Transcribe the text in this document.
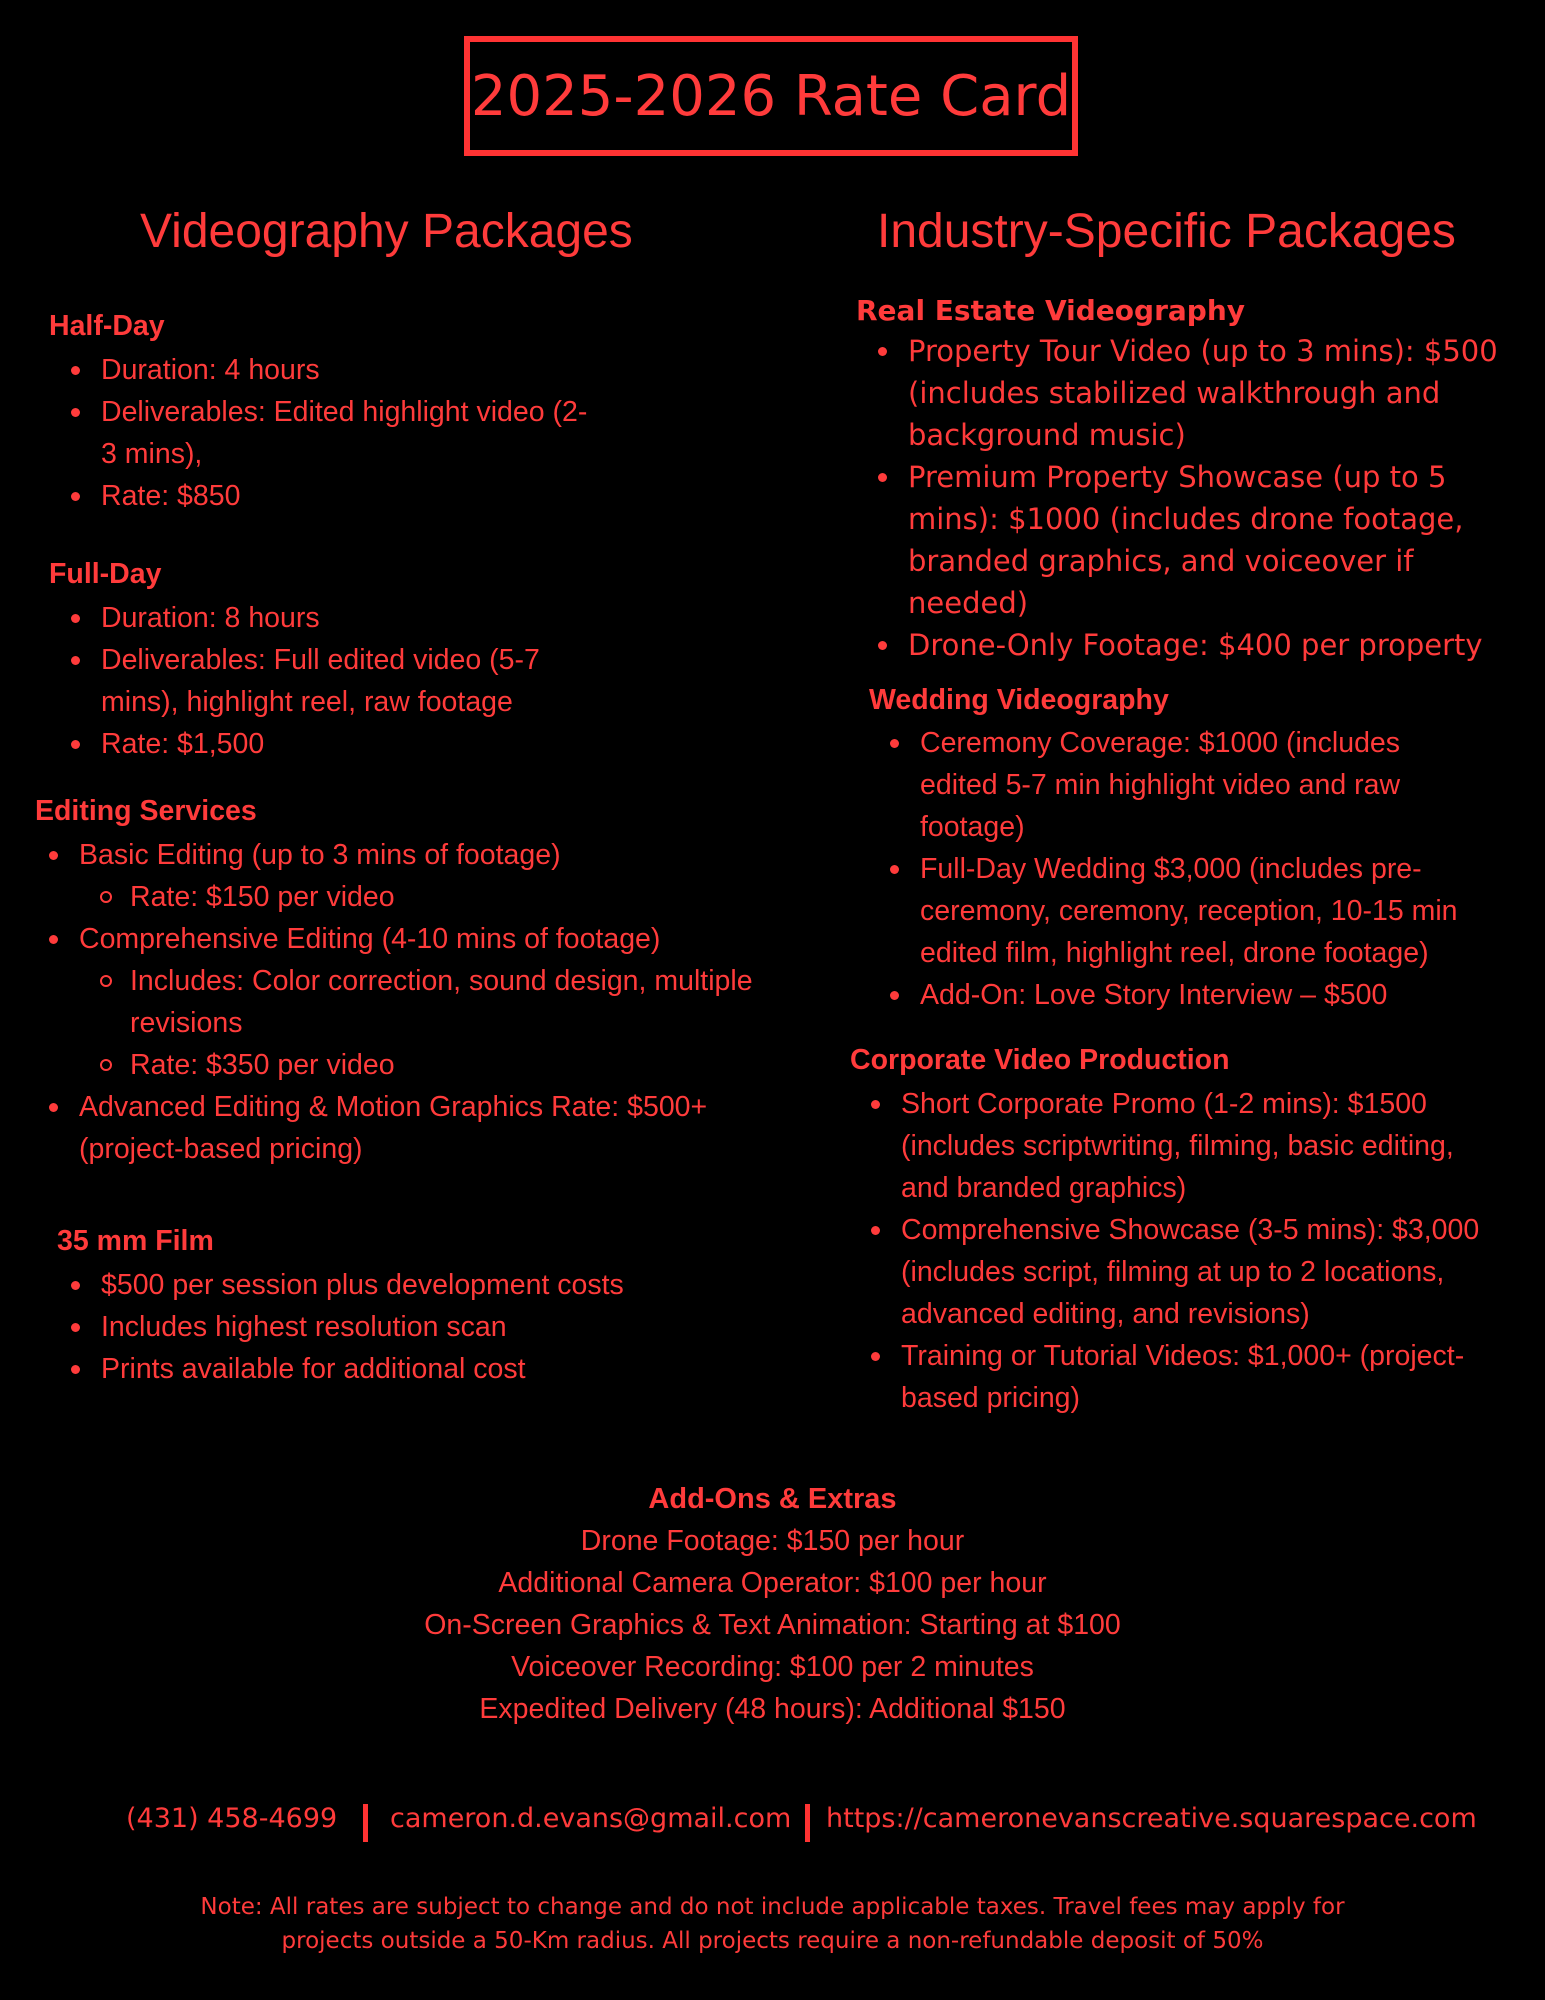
2025-2026 Rate Card
Videography Packages	Industry-Specific Packages
Half-Day
Duration: 4 hours
Deliverables: Edited highlight video (2-3 mins),
Rate: $850
Full-Day
Duration: 8 hours
Deliverables: Full edited video (5-7 mins), highlight reel, raw footage
Rate: $1,500
Editing Services
Basic Editing (up to 3 mins of footage)
Rate: $150 per video
Comprehensive Editing (4-10 mins of footage)
Includes: Color correction, sound design, multiple revisions
Rate: $350 per video
Advanced Editing & Motion Graphics Rate: $500+ (project-based pricing)
35 mm Film
$500 per session plus development costs
Includes highest resolution scan
Prints available for additional cost
Real Estate Videography
Property Tour Video (up to 3 mins): $500 (includes stabilized walkthrough and background music)
Premium Property Showcase (up to 5 mins): $1000 (includes drone footage, branded graphics, and voiceover if needed)
Drone-Only Footage: $400 per property
Wedding Videography
Ceremony Coverage: $1000 (includes edited 5-7 min highlight video and raw footage)
Full-Day Wedding $3,000 (includes pre-ceremony, ceremony, reception, 10-15 min edited film, highlight reel, drone footage)
Add-On: Love Story Interview – $500
Corporate Video Production
Short Corporate Promo (1-2 mins): $1500 (includes scriptwriting, filming, basic editing, and branded graphics)
Comprehensive Showcase (3-5 mins): $3,000 (includes script, filming at up to 2 locations, advanced editing, and revisions)
Training or Tutorial Videos: $1,000+ (project-based pricing)
Add-Ons & Extras
Drone Footage: $150 per hour
Additional Camera Operator: $100 per hour
On-Screen Graphics & Text Animation: Starting at $100
Voiceover Recording: $100 per 2 minutes
Expedited Delivery (48 hours): Additional $150
(431) 458-4699 cameron.d.evans@gmail.com https://cameronevanscreative.squarespace.com
Note: All rates are subject to change and do not include applicable taxes. Travel fees may apply for projects outside a 50-Km radius. All projects require a non-refundable deposit of 50%
